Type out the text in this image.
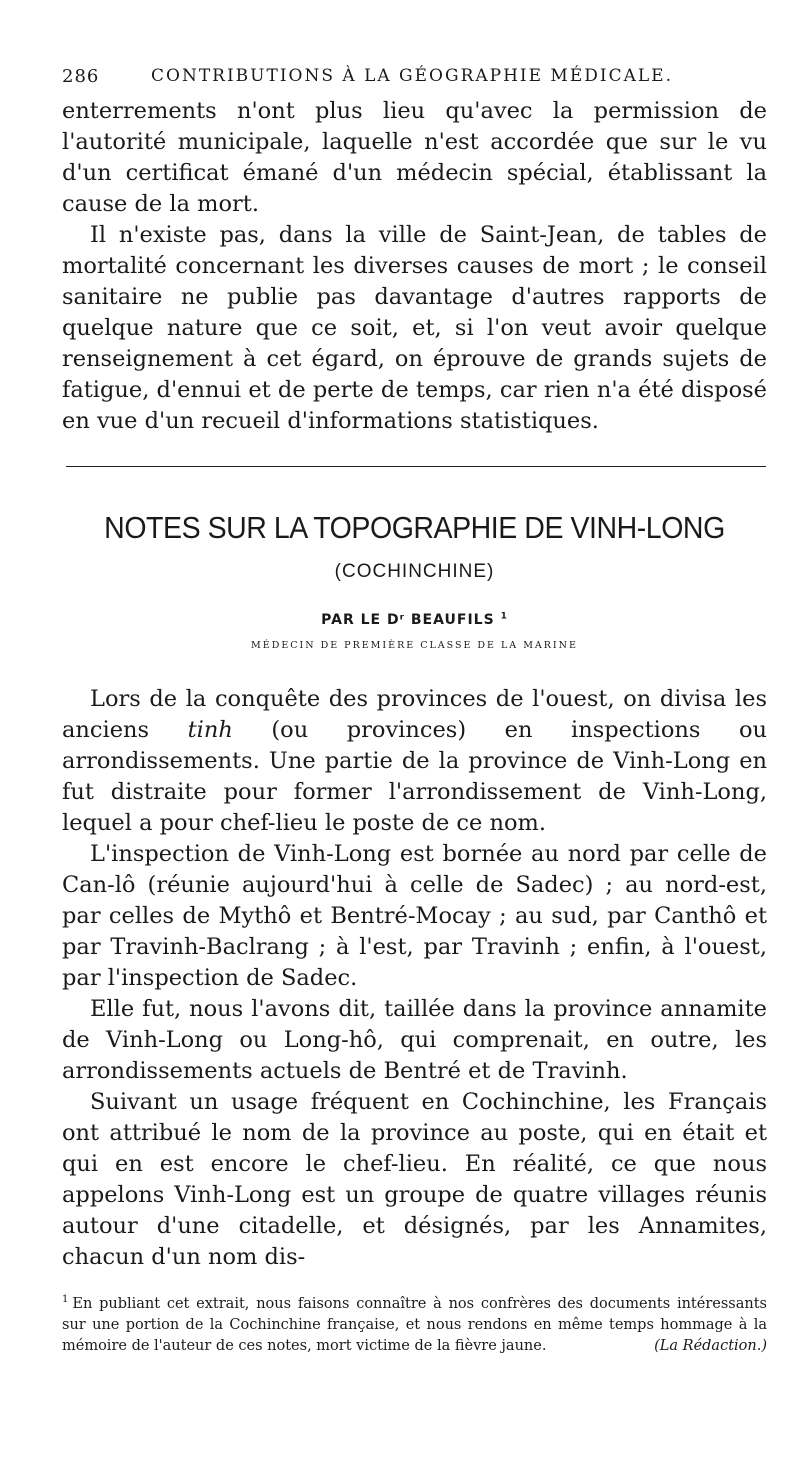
286	CONTRIBUTIONS À LA GÉOGRAPHIE MÉDICALE.

enterrements n'ont plus lieu qu'avec la permission de l'autorité municipale, laquelle n'est accordée que sur le vu d'un certificat émané d'un médecin spécial, établissant la cause de la mort.

Il n'existe pas, dans la ville de Saint-Jean, de tables de mortalité concernant les diverses causes de mort ; le conseil sanitaire ne publie pas davantage d'autres rapports de quelque nature que ce soit, et, si l'on veut avoir quelque renseignement à cet égard, on éprouve de grands sujets de fatigue, d'ennui et de perte de temps, car rien n'a été disposé en vue d'un recueil d'informations statistiques.

NOTES SUR LA TOPOGRAPHIE DE VINH-LONG
(COCHINCHINE)
PAR LE Dʳ BEAUFILS $^1$
MÉDECIN DE PREMIÈRE CLASSE DE LA MARINE

Lors de la conquête des provinces de l'ouest, on divisa les anciens tinh (ou provinces) en inspections ou arrondissements. Une partie de la province de Vinh-Long en fut distraite pour former l'arrondissement de Vinh-Long, lequel a pour chef-lieu le poste de ce nom.

L'inspection de Vinh-Long est bornée au nord par celle de Can-lô (réunie aujourd'hui à celle de Sadec) ; au nord-est, par celles de Mythô et Bentré-Mocay ; au sud, par Canthô et par Travinh-Baclrang ; à l'est, par Travinh ; enfin, à l'ouest, par l'inspection de Sadec.

Elle fut, nous l'avons dit, taillée dans la province annamite de Vinh-Long ou Long-hô, qui comprenait, en outre, les arrondissements actuels de Bentré et de Travinh.

Suivant un usage fréquent en Cochinchine, les Français ont attribué le nom de la province au poste, qui en était et qui en est encore le chef-lieu. En réalité, ce que nous appelons Vinh-Long est un groupe de quatre villages réunis autour d'une citadelle, et désignés, par les Annamites, chacun d'un nom dis-

$^1$ En publiant cet extrait, nous faisons connaître à nos confrères des documents intéressants sur une portion de la Cochinchine française, et nous rendons en même temps hommage à la mémoire de l'auteur de ces notes, mort victime de la fièvre jaune.	(La Rédaction.)
